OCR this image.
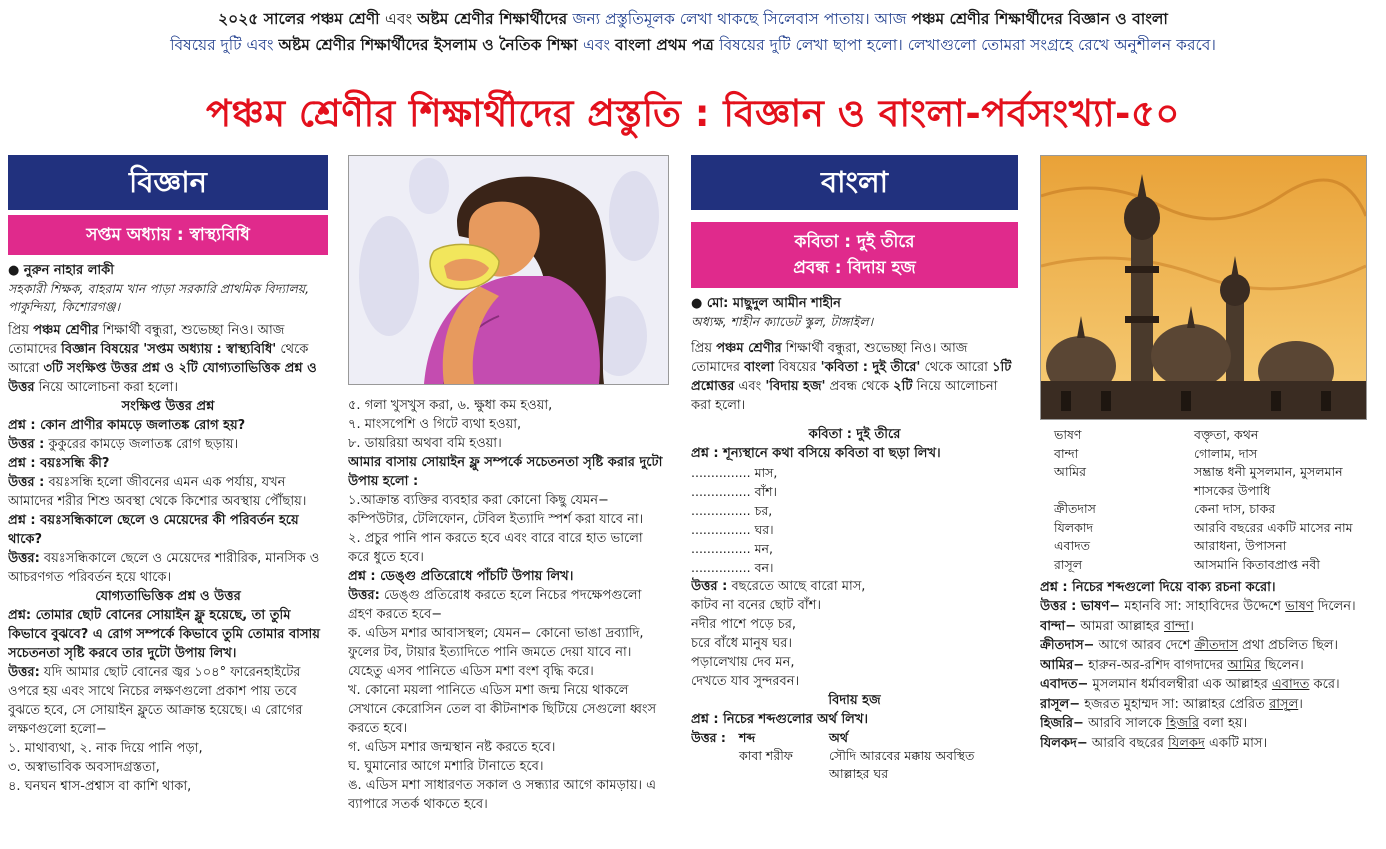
২০২৫ সালের পঞ্চম শ্রেণী এবং অষ্টম শ্রেণীর শিক্ষার্থীদের জন্য প্রস্তুতিমূলক লেখা থাকছে সিলেবাস পাতায়। আজ পঞ্চম শ্রেণীর শিক্ষার্থীদের বিজ্ঞান ও বাংলা
বিষয়ের দুটি এবং অষ্টম শ্রেণীর শিক্ষার্থীদের ইসলাম ও নৈতিক শিক্ষা এবং বাংলা প্রথম পত্র বিষয়ের দুটি লেখা ছাপা হলো। লেখাগুলো তোমরা সংগ্রহে রেখে অনুশীলন করবে।
পঞ্চম শ্রেণীর শিক্ষার্থীদের প্রস্তুতি : বিজ্ঞান ও বাংলা-পর্বসংখ্যা-৫০
বিজ্ঞান
সপ্তম অধ্যায় : স্বাস্থ্যবিধি
● নুরুন নাহার লাকী
সহকারী শিক্ষক, বাহরাম খান পাড়া সরকারি প্রাথমিক বিদ্যালয়, পাকুন্দিয়া, কিশোরগঞ্জ।

প্রিয় পঞ্চম শ্রেণীর শিক্ষার্থী বন্ধুরা, শুভেচ্ছা নিও। আজ তোমাদের বিজ্ঞান বিষয়ের 'সপ্তম অধ্যায় : স্বাস্থ্যবিধি' থেকে আরো ৩টি সংক্ষিপ্ত উত্তর প্রশ্ন ও ২টি যোগ্যতাভিত্তিক প্রশ্ন ও উত্তর নিয়ে আলোচনা করা হলো।

সংক্ষিপ্ত উত্তর প্রশ্ন

প্রশ্ন : কোন প্রাণীর কামড়ে জলাতঙ্ক রোগ হয়?

উত্তর : কুকুরের কামড়ে জলাতঙ্ক রোগ ছড়ায়।

প্রশ্ন : বয়ঃসন্ধি কী?

উত্তর : বয়ঃসন্ধি হলো জীবনের এমন এক পর্যায়, যখন আমাদের শরীর শিশু অবস্থা থেকে কিশোর অবস্থায় পৌঁছায়।

প্রশ্ন : বয়ঃসন্ধিকালে ছেলে ও মেয়েদের কী পরিবর্তন হয়ে থাকে?

উত্তর: বয়ঃসন্ধিকালে ছেলে ও মেয়েদের শারীরিক, মানসিক ও আচরণগত পরিবর্তন হয়ে থাকে।

যোগ্যতাভিত্তিক প্রশ্ন ও উত্তর

প্রশ্ন: তোমার ছোট বোনের সোয়াইন ফ্লু হয়েছে, তা তুমি কিভাবে বুঝবে? এ রোগ সম্পর্কে কিভাবে তুমি তোমার বাসায় সচেতনতা সৃষ্টি করবে তার দুটো উপায় লিখ।

উত্তর: যদি আমার ছোট বোনের জ্বর ১০৪° ফারেনহাইটের ওপরে হয় এবং সাথে নিচের লক্ষণগুলো প্রকাশ পায় তবে বুঝতে হবে, সে সোয়াইন ফ্লুতে আক্রান্ত হয়েছে। এ রোগের লক্ষণগুলো হলো−

১. মাথাব্যথা, ২. নাক দিয়ে পানি পড়া,

৩. অস্বাভাবিক অবসাদগ্রস্ততা,

৪. ঘনঘন শ্বাস-প্রশ্বাস বা কাশি থাকা,

৫. গলা খুসখুস করা, ৬. ক্ষুধা কম হওয়া,

৭. মাংসপেশি ও গিটে ব্যথা হওয়া,

৮. ডায়রিয়া অথবা বমি হওয়া।

আমার বাসায় সোয়াইন ফ্লু সম্পর্কে সচেতনতা সৃষ্টি করার দুটো উপায় হলো :

১.আক্রান্ত ব্যক্তির ব্যবহার করা কোনো কিছু যেমন− কম্পিউটার, টেলিফোন, টেবিল ইত্যাদি স্পর্শ করা যাবে না।

২. প্রচুর পানি পান করতে হবে এবং বারে বারে হাত ভালো করে ধুতে হবে।

প্রশ্ন : ডেঙ্গু প্রতিরোধে পাঁচটি উপায় লিখ।

উত্তর: ডেঙ্গু প্রতিরোধ করতে হলে নিচের পদক্ষেপগুলো গ্রহণ করতে হবে−

ক. এডিস মশার আবাসস্থল; যেমন− কোনো ভাঙা দ্রব্যাদি, ফুলের টব, টায়ার ইত্যাদিতে পানি জমতে দেয়া যাবে না। যেহেতু এসব পানিতে এডিস মশা বংশ বৃদ্ধি করে।

খ. কোনো ময়লা পানিতে এডিস মশা জন্ম নিয়ে থাকলে সেখানে কেরোসিন তেল বা কীটনাশক ছিটিয়ে সেগুলো ধ্বংস করতে হবে।

গ. এডিস মশার জন্মস্থান নষ্ট করতে হবে।

ঘ. ঘুমানোর আগে মশারি টানাতে হবে।

ঙ. এডিস মশা সাধারণত সকাল ও সন্ধ্যার আগে কামড়ায়। এ ব্যাপারে সতর্ক থাকতে হবে।

বাংলা
কবিতা : দুই তীরে
প্রবন্ধ : বিদায় হজ
● মো: মাছুদুল আমীন শাহীন
অধ্যক্ষ, শাহীন ক্যাডেট স্কুল, টাঙ্গাইল।

প্রিয় পঞ্চম শ্রেণীর শিক্ষার্থী বন্ধুরা, শুভেচ্ছা নিও। আজ তোমাদের বাংলা বিষয়ের 'কবিতা : দুই তীরে' থেকে আরো ১টি প্রশ্নোত্তর এবং 'বিদায় হজ' প্রবন্ধ থেকে ২টি নিয়ে আলোচনা করা হলো।

কবিতা : দুই তীরে

প্রশ্ন : শূন্যস্থানে কথা বসিয়ে কবিতা বা ছড়া লিখ।

............... মাস,
............... বাঁশ।
............... চর,
............... ঘর।
............... মন,
............... বন।
উত্তর : বছরেতে আছে বারো মাস,
কাটব না বনের ছোট বাঁশ।
নদীর পাশে পড়ে চর,
চরে বাঁধে মানুষ ঘর।
পড়ালেখায় দেব মন,
দেখতে যাব সুন্দরবন।

বিদায় হজ

প্রশ্ন : নিচের শব্দগুলোর অর্থ লিখ।

উত্তর :	শব্দ	অর্থ
কাবা শরীফ	সৌদি আরবের মক্কায় অবস্থিত আল্লাহর ঘর
ভাষণ	বক্তৃতা, কথন
বান্দা	গোলাম, দাস
আমির	সম্ভ্রান্ত ধনী মুসলমান, মুসলমান শাসকের উপাধি
ক্রীতদাস	কেনা দাস, চাকর
যিলকাদ	আরবি বছরের একটি মাসের নাম
এবাদত	আরাধনা, উপাসনা
রাসূল	আসমানি কিতাবপ্রাপ্ত নবী

প্রশ্ন : নিচের শব্দগুলো দিয়ে বাক্য রচনা করো।

উত্তর : ভাষণ− মহানবি সা: সাহাবিদের উদ্দেশে ভাষণ দিলেন।

বান্দা− আমরা আল্লাহর বান্দা।

ক্রীতদাস− আগে আরব দেশে ক্রীতদাস প্রথা প্রচলিত ছিল।

আমির− হারুন-অর-রশিদ বাগদাদের আমির ছিলেন।

এবাদত− মুসলমান ধর্মাবলম্বীরা এক আল্লাহর এবাদত করে।

রাসূল− হজরত মুহাম্মদ সা: আল্লাহর প্রেরিত রাসূল।

হিজরি− আরবি সালকে হিজরি বলা হয়।

যিলকদ− আরবি বছরের যিলকদ একটি মাস।
